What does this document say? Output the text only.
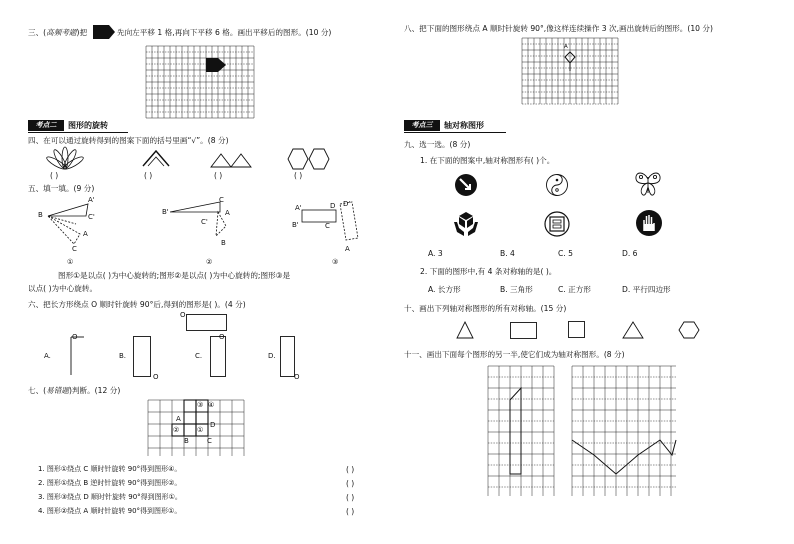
三、(高频考题)把	先向左平移 1 格,再向下平移 6 格。画出平移后的图形。(10 分)
考点二	图形的旋转
四、在可以通过旋转得到的图案下面的括号里画“√”。(8 分)
( )	( )	( )	( )
五、填一填。(9 分)
A'
B	C'
A
C
①
B'
C
A
C'
B
②
A'	D D'
C
B'
A
③
图形①是以点( )为中心旋转的;图形②是以点( )为中心旋转的;图形③是
以点( )为中心旋转。
六、把长方形绕点 O 顺时针旋转 90°后,得到的图形是( )。(4 分)
O
A.
O
B.
O
C.
O
D.
O
七、(易错题)判断。(12 分)
③ ④
A
D
②	①
B	C
1. 图形①绕点 C 顺时针旋转 90°得到图形④。	( )
2. 图形①绕点 B 逆时针旋转 90°得到图形②。	( )
3. 图形③绕点 D 顺时针旋转 90°得到图形①。	( )
4. 图形②绕点 A 顺时针旋转 90°得到图形①。	( )
八、把下面的图形绕点 A 顺时针旋转 90°,像这样连续操作 3 次,画出旋转后的图形。(10 分)
A
考点三	轴对称图形
九、选一选。(8 分)
1. 在下面的图案中,轴对称图形有( )个。
A. 3	B. 4	C. 5	D. 6
2. 下面的图形中,有 4 条对称轴的是( )。
A. 长方形	B. 三角形	C. 正方形	D. 平行四边形
十、画出下列轴对称图形的所有对称轴。(15 分)
十一、画出下面每个图形的另一半,使它们成为轴对称图形。(8 分)
